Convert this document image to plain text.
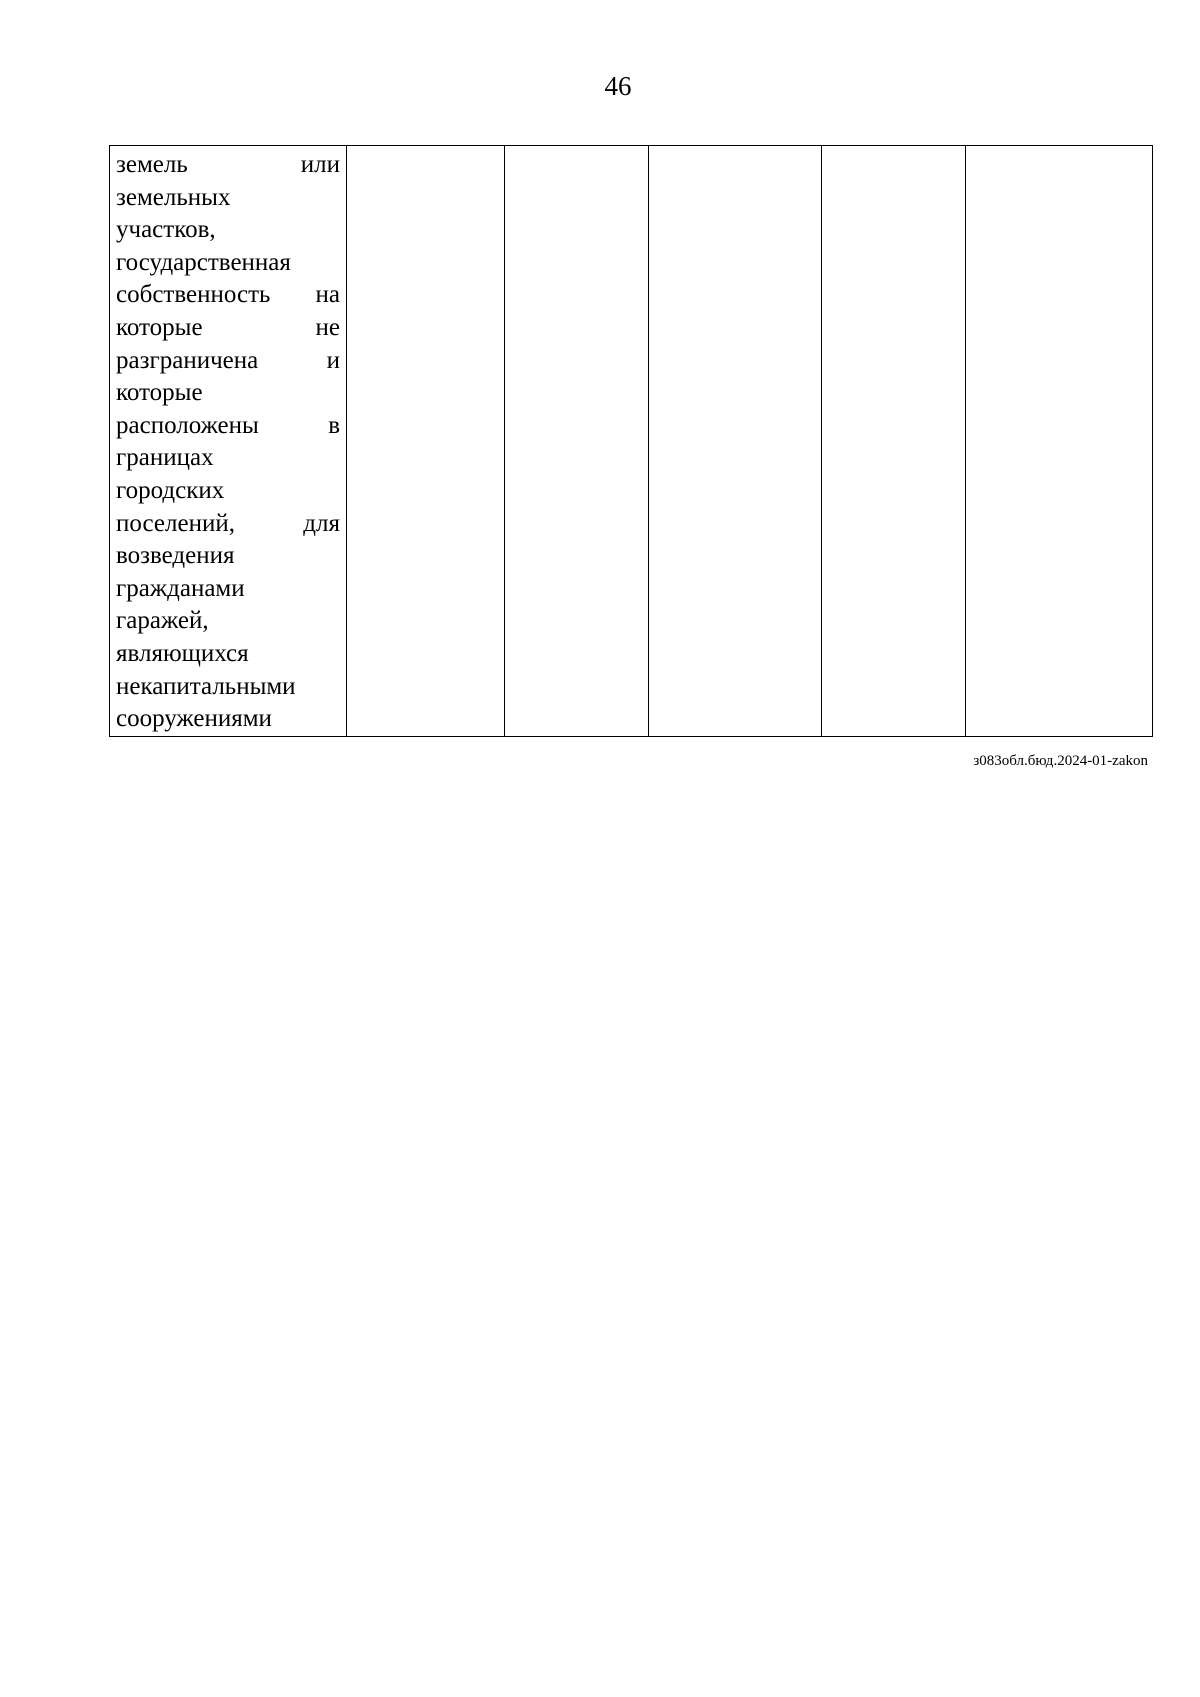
46
земель	или
земельных
участков,
государственная
собственность на
которые	не
разграничена	и
которые
расположены	в
границах
городских
поселений,	для
возведения
гражданами
гаражей,
являющихся
некапитальными
сооружениями

з083обл.бюд.2024-01-zakon
